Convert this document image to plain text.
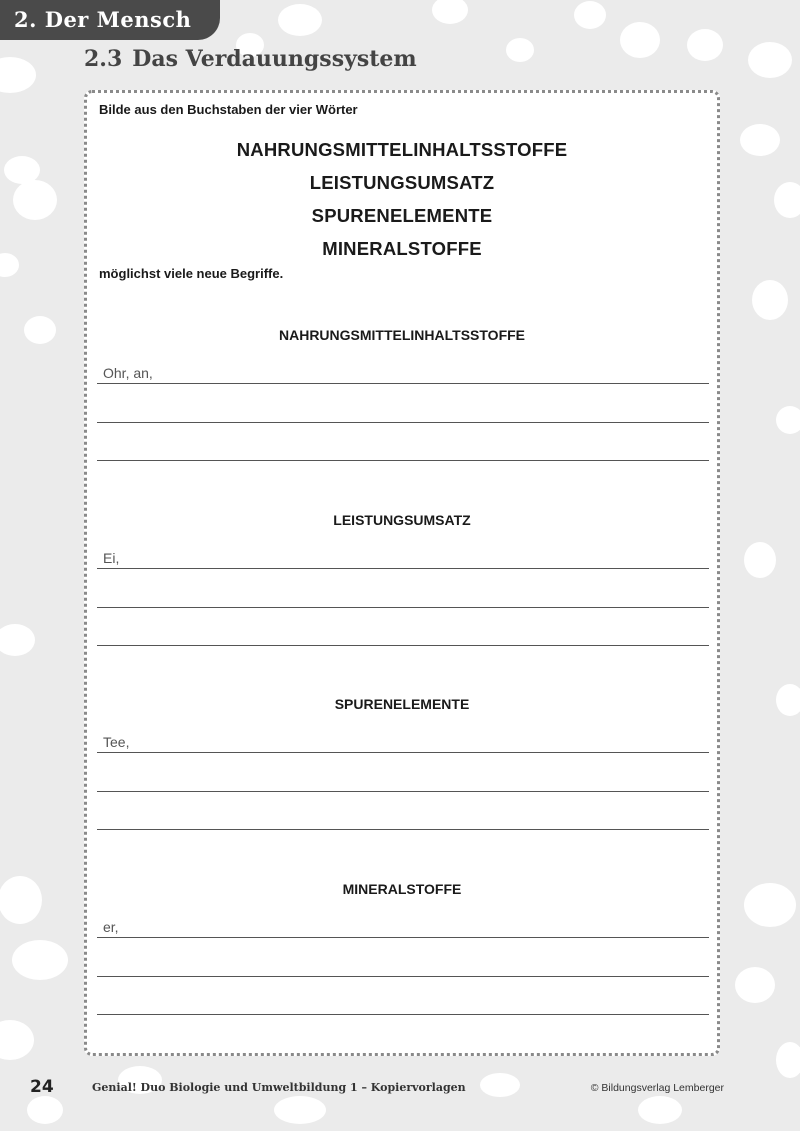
2. Der Mensch
2.3 Das Verdauungssystem
Bilde aus den Buchstaben der vier Wörter
NAHRUNGSMITTELINHALTSSTOFFE
LEISTUNGSUMSATZ
SPURENELEMENTE
MINERALSTOFFE
möglichst viele neue Begriffe.
NAHRUNGSMITTELINHALTSSTOFFE
Ohr, an,
LEISTUNGSUMSATZ
Ei,
SPURENELEMENTE
Tee,
MINERALSTOFFE
er,
24	Genial! Duo Biologie und Umweltbildung 1 – Kopiervorlagen	© Bildungsverlag Lemberger
